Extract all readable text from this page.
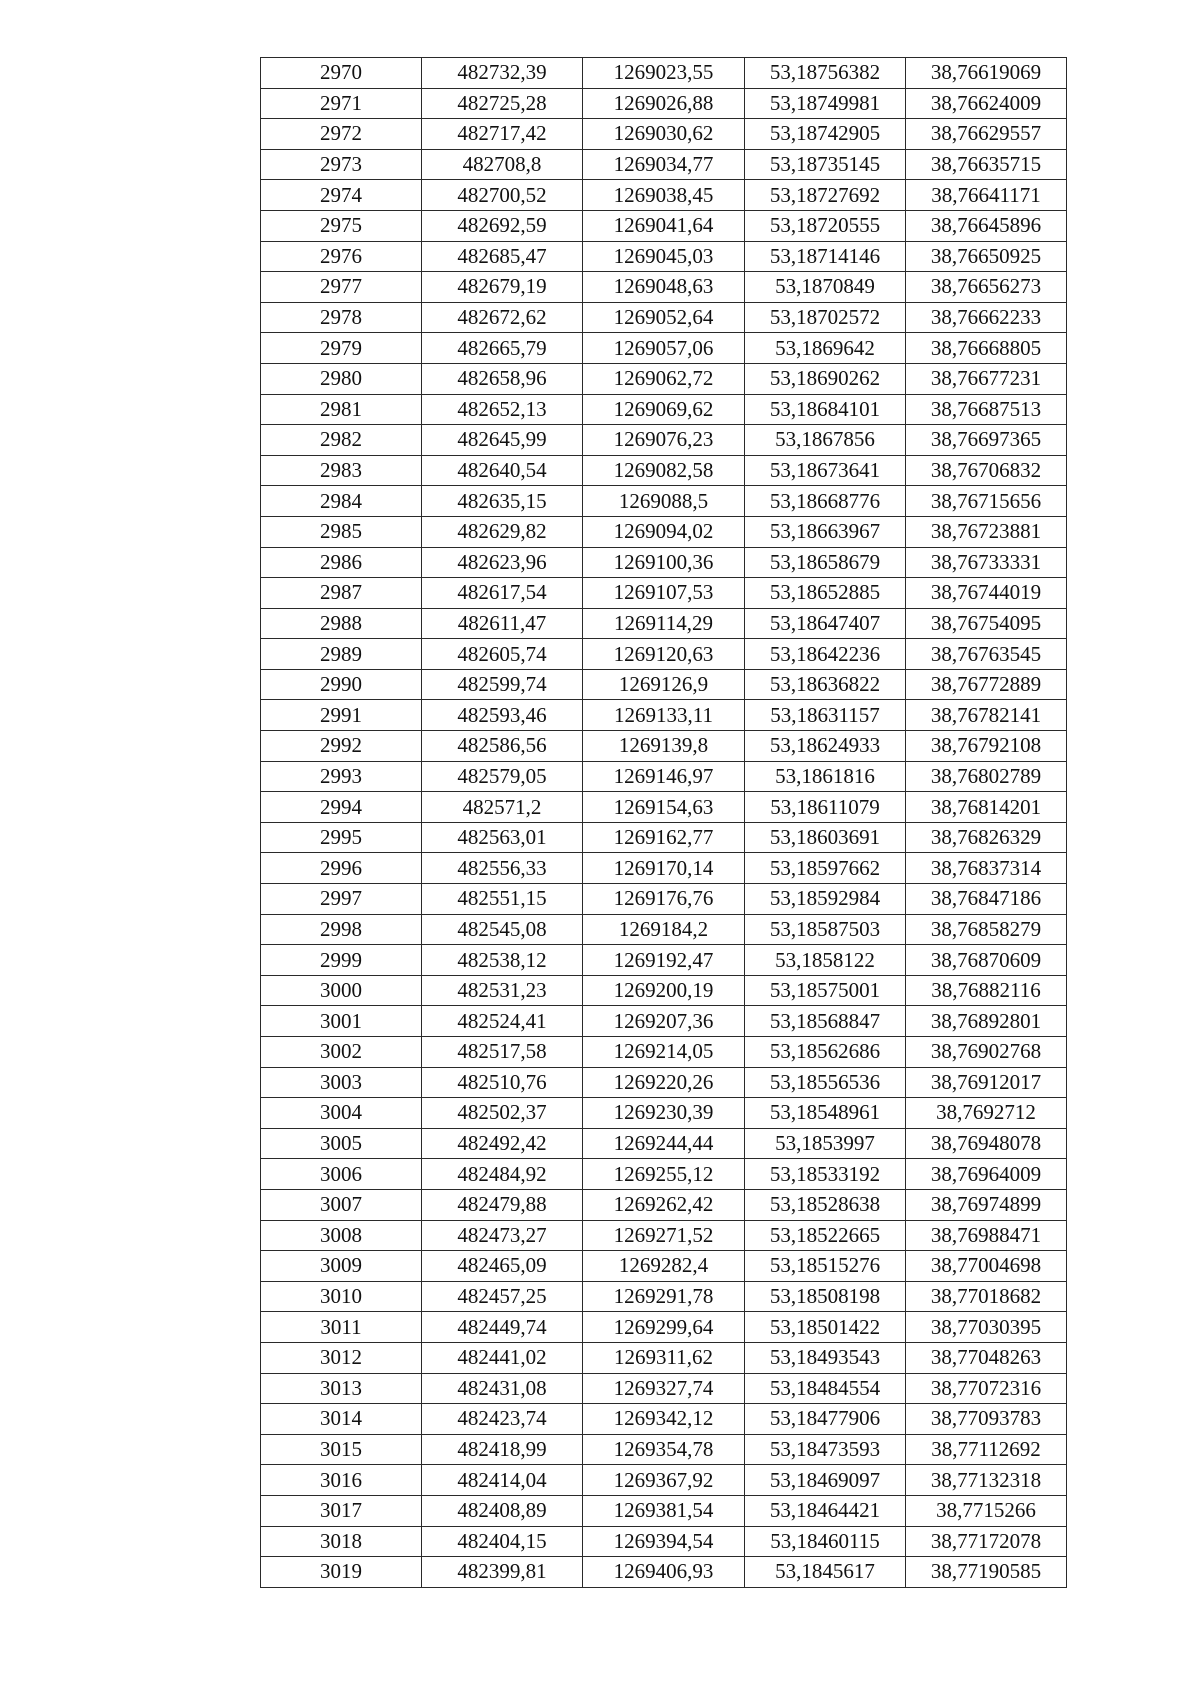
2970	482732,39	1269023,55	53,18756382	38,76619069
2971	482725,28	1269026,88	53,18749981	38,76624009
2972	482717,42	1269030,62	53,18742905	38,76629557
2973	482708,8	1269034,77	53,18735145	38,76635715
2974	482700,52	1269038,45	53,18727692	38,76641171
2975	482692,59	1269041,64	53,18720555	38,76645896
2976	482685,47	1269045,03	53,18714146	38,76650925
2977	482679,19	1269048,63	53,1870849	38,76656273
2978	482672,62	1269052,64	53,18702572	38,76662233
2979	482665,79	1269057,06	53,1869642	38,76668805
2980	482658,96	1269062,72	53,18690262	38,76677231
2981	482652,13	1269069,62	53,18684101	38,76687513
2982	482645,99	1269076,23	53,1867856	38,76697365
2983	482640,54	1269082,58	53,18673641	38,76706832
2984	482635,15	1269088,5	53,18668776	38,76715656
2985	482629,82	1269094,02	53,18663967	38,76723881
2986	482623,96	1269100,36	53,18658679	38,76733331
2987	482617,54	1269107,53	53,18652885	38,76744019
2988	482611,47	1269114,29	53,18647407	38,76754095
2989	482605,74	1269120,63	53,18642236	38,76763545
2990	482599,74	1269126,9	53,18636822	38,76772889
2991	482593,46	1269133,11	53,18631157	38,76782141
2992	482586,56	1269139,8	53,18624933	38,76792108
2993	482579,05	1269146,97	53,1861816	38,76802789
2994	482571,2	1269154,63	53,18611079	38,76814201
2995	482563,01	1269162,77	53,18603691	38,76826329
2996	482556,33	1269170,14	53,18597662	38,76837314
2997	482551,15	1269176,76	53,18592984	38,76847186
2998	482545,08	1269184,2	53,18587503	38,76858279
2999	482538,12	1269192,47	53,1858122	38,76870609
3000	482531,23	1269200,19	53,18575001	38,76882116
3001	482524,41	1269207,36	53,18568847	38,76892801
3002	482517,58	1269214,05	53,18562686	38,76902768
3003	482510,76	1269220,26	53,18556536	38,76912017
3004	482502,37	1269230,39	53,18548961	38,7692712
3005	482492,42	1269244,44	53,1853997	38,76948078
3006	482484,92	1269255,12	53,18533192	38,76964009
3007	482479,88	1269262,42	53,18528638	38,76974899
3008	482473,27	1269271,52	53,18522665	38,76988471
3009	482465,09	1269282,4	53,18515276	38,77004698
3010	482457,25	1269291,78	53,18508198	38,77018682
3011	482449,74	1269299,64	53,18501422	38,77030395
3012	482441,02	1269311,62	53,18493543	38,77048263
3013	482431,08	1269327,74	53,18484554	38,77072316
3014	482423,74	1269342,12	53,18477906	38,77093783
3015	482418,99	1269354,78	53,18473593	38,77112692
3016	482414,04	1269367,92	53,18469097	38,77132318
3017	482408,89	1269381,54	53,18464421	38,7715266
3018	482404,15	1269394,54	53,18460115	38,77172078
3019	482399,81	1269406,93	53,1845617	38,77190585
